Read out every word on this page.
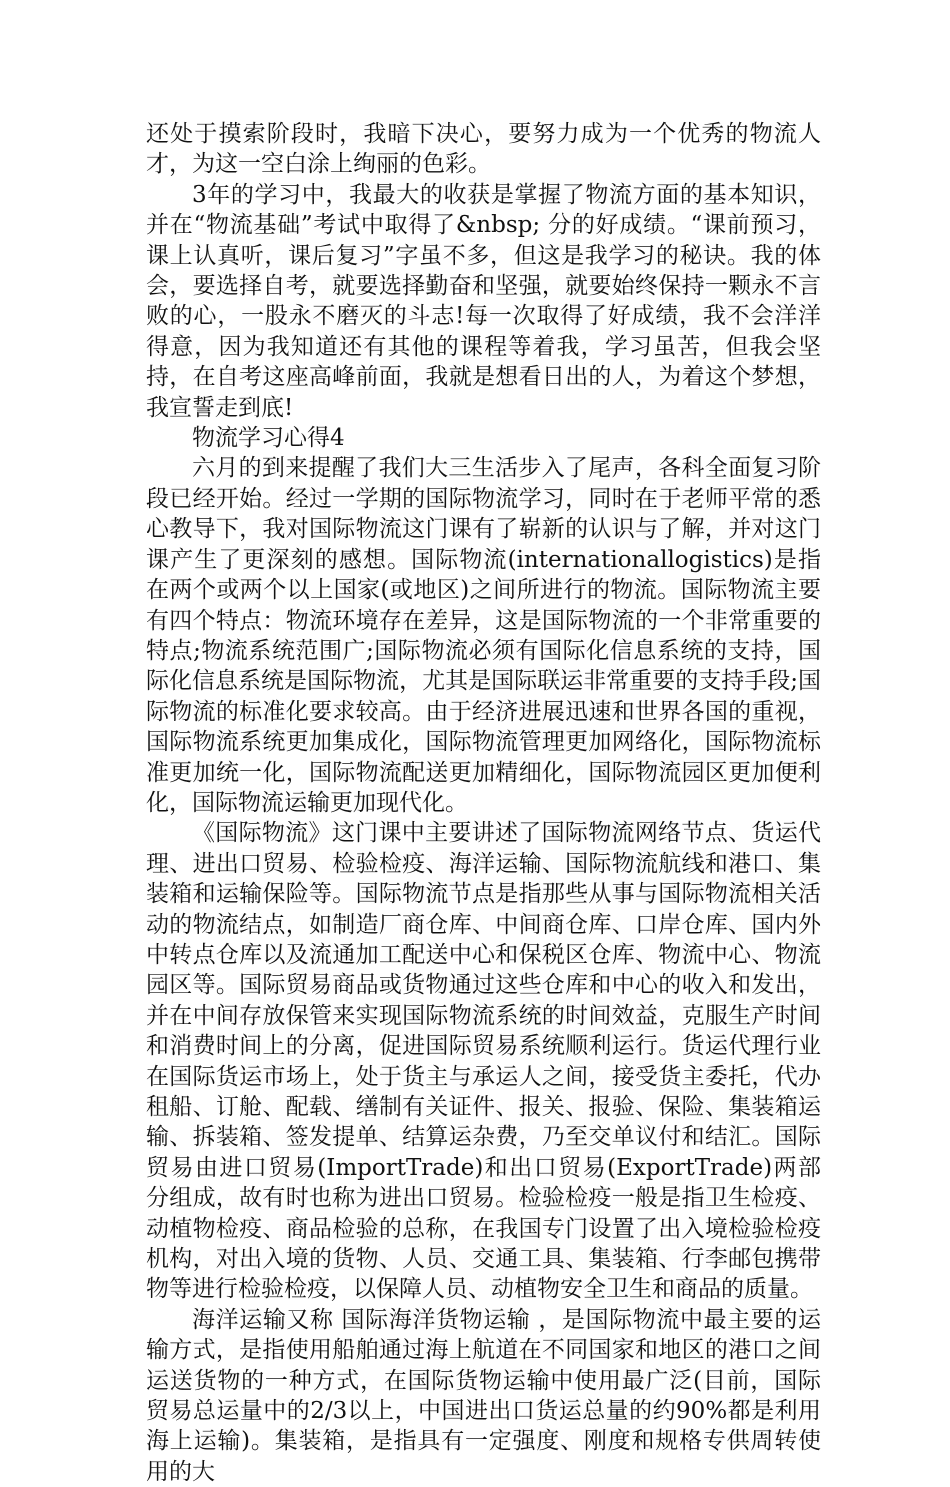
还处于摸索阶段时，我暗下决心，要努力成为一个优秀的物流人才，为这一空白涂上绚丽的色彩。

3年的学习中，我最大的收获是掌握了物流方面的基本知识，并在“物流基础”考试中取得了&nbsp; 分的好成绩。“课前预习，课上认真听，课后复习”字虽不多，但这是我学习的秘诀。我的体会，要选择自考，就要选择勤奋和坚强，就要始终保持一颗永不言败的心，一股永不磨灭的斗志!每一次取得了好成绩，我不会洋洋得意，因为我知道还有其他的课程等着我，学习虽苦，但我会坚持，在自考这座高峰前面，我就是想看日出的人，为着这个梦想，我宣誓走到底!

物流学习心得4

六月的到来提醒了我们大三生活步入了尾声，各科全面复习阶段已经开始。经过一学期的国际物流学习，同时在于老师平常的悉心教导下，我对国际物流这门课有了崭新的认识与了解，并对这门课产生了更深刻的感想。国际物流(internationallogistics)是指在两个或两个以上国家(或地区)之间所进行的物流。国际物流主要有四个特点：物流环境存在差异，这是国际物流的一个非常重要的特点;物流系统范围广;国际物流必须有国际化信息系统的支持，国际化信息系统是国际物流，尤其是国际联运非常重要的支持手段;国际物流的标准化要求较高。由于经济进展迅速和世界各国的重视，国际物流系统更加集成化，国际物流管理更加网络化，国际物流标准更加统一化，国际物流配送更加精细化，国际物流园区更加便利化，国际物流运输更加现代化。

《国际物流》这门课中主要讲述了国际物流网络节点、货运代理、进出口贸易、检验检疫、海洋运输、国际物流航线和港口、集装箱和运输保险等。国际物流节点是指那些从事与国际物流相关活动的物流结点，如制造厂商仓库、中间商仓库、口岸仓库、国内外中转点仓库以及流通加工配送中心和保税区仓库、物流中心、物流园区等。国际贸易商品或货物通过这些仓库和中心的收入和发出，并在中间存放保管来实现国际物流系统的时间效益，克服生产时间和消费时间上的分离，促进国际贸易系统顺利运行。货运代理行业在国际货运市场上，处于货主与承运人之间，接受货主委托，代办租船、订舱、配载、缮制有关证件、报关、报验、保险、集装箱运输、拆装箱、签发提单、结算运杂费，乃至交单议付和结汇。国际贸易由进口贸易(ImportTrade)和出口贸易(ExportTrade)两部分组成，故有时也称为进出口贸易。检验检疫一般是指卫生检疫、动植物检疫、商品检验的总称，在我国专门设置了出入境检验检疫机构，对出入境的货物、人员、交通工具、集装箱、行李邮包携带物等进行检验检疫，以保障人员、动植物安全卫生和商品的质量。

海洋运输又称 国际海洋货物运输 ，是国际物流中最主要的运输方式，是指使用船舶通过海上航道在不同国家和地区的港口之间运送货物的一种方式，在国际货物运输中使用最广泛(目前，国际贸易总运量中的2/3以上，中国进出口货运总量的约90%都是利用海上运输)。集装箱，是指具有一定强度、刚度和规格专供周转使用的大
